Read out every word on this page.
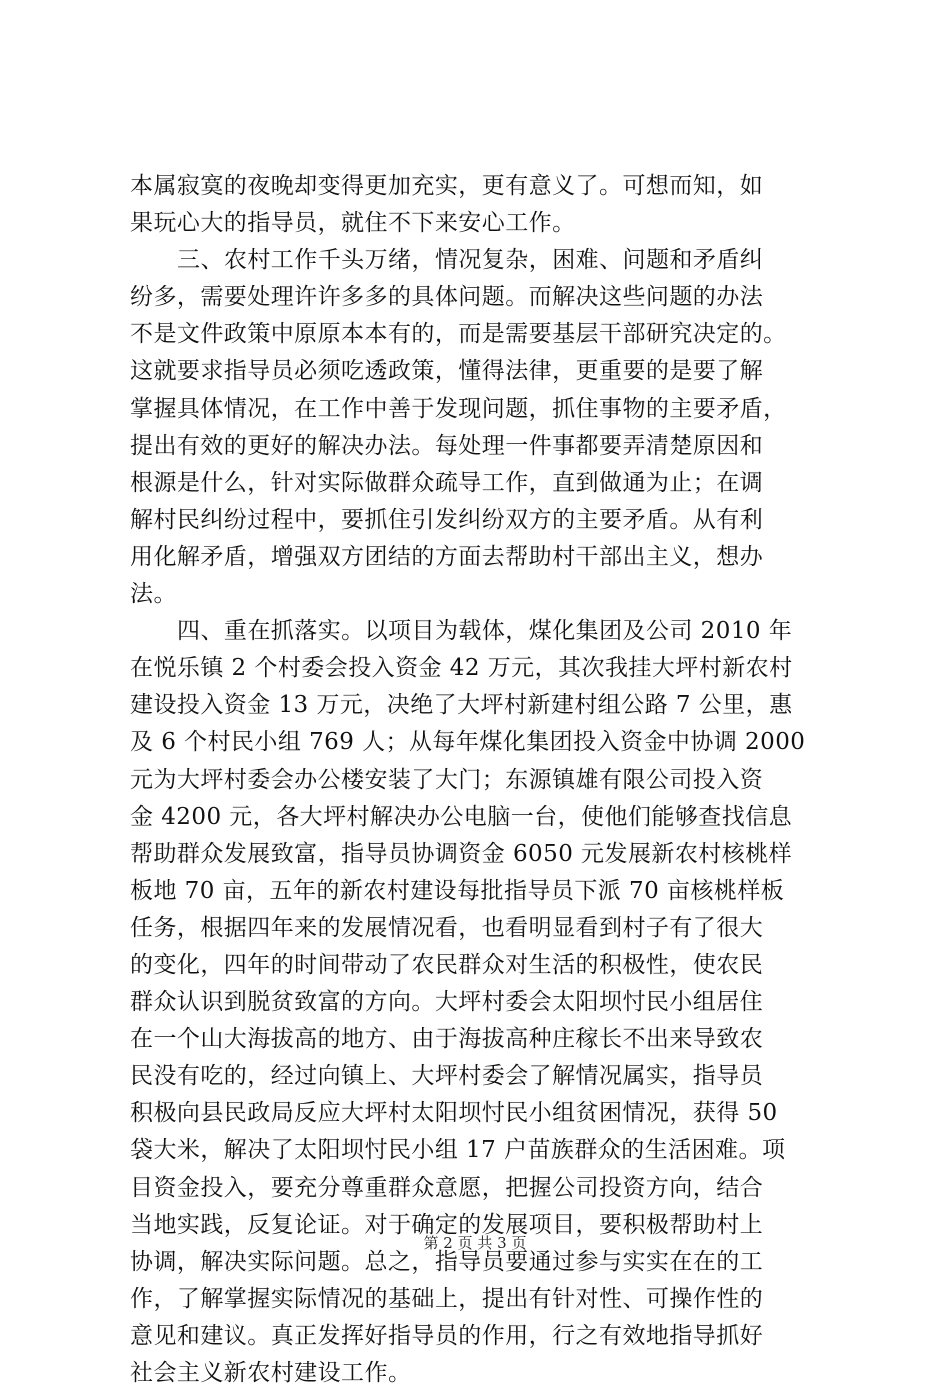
本属寂寞的夜晚却变得更加充实，更有意义了。可想而知，如
果玩心大的指导员，就住不下来安心工作。
三、农村工作千头万绪，情况复杂，困难、问题和矛盾纠
纷多，需要处理许许多多的具体问题。而解决这些问题的办法
不是文件政策中原原本本有的，而是需要基层干部研究决定的。
这就要求指导员必须吃透政策，懂得法律，更重要的是要了解
掌握具体情况，在工作中善于发现问题，抓住事物的主要矛盾，
提出有效的更好的解决办法。每处理一件事都要弄清楚原因和
根源是什么，针对实际做群众疏导工作，直到做通为止；在调
解村民纠纷过程中，要抓住引发纠纷双方的主要矛盾。从有利
用化解矛盾，增强双方团结的方面去帮助村干部出主义，想办
法。
四、重在抓落实。以项目为载体，煤化集团及公司 2010 年
在悦乐镇 2 个村委会投入资金 42 万元，其次我挂大坪村新农村
建设投入资金 13 万元，决绝了大坪村新建村组公路 7 公里，惠
及 6 个村民小组 769 人；从每年煤化集团投入资金中协调 2000
元为大坪村委会办公楼安装了大门；东源镇雄有限公司投入资
金 4200 元，各大坪村解决办公电脑一台，使他们能够查找信息
帮助群众发展致富，指导员协调资金 6050 元发展新农村核桃样
板地 70 亩，五年的新农村建设每批指导员下派 70 亩核桃样板
任务，根据四年来的发展情况看，也看明显看到村子有了很大
的变化，四年的时间带动了农民群众对生活的积极性，使农民
群众认识到脱贫致富的方向。大坪村委会太阳坝忖民小组居住
在一个山大海拔高的地方、由于海拔高种庄稼长不出来导致农
民没有吃的，经过向镇上、大坪村委会了解情况属实，指导员
积极向县民政局反应大坪村太阳坝忖民小组贫困情况，获得 50
袋大米，解决了太阳坝忖民小组 17 户苗族群众的生活困难。项
目资金投入，要充分尊重群众意愿，把握公司投资方向，结合
当地实践，反复论证。对于确定的发展项目，要积极帮助村上
协调，解决实际问题。总之，指导员要通过参与实实在在的工
作，了解掌握实际情况的基础上，提出有针对性、可操作性的
意见和建议。真正发挥好指导员的作用，行之有效地指导抓好
社会主义新农村建设工作。
第 2 页 共 3 页
